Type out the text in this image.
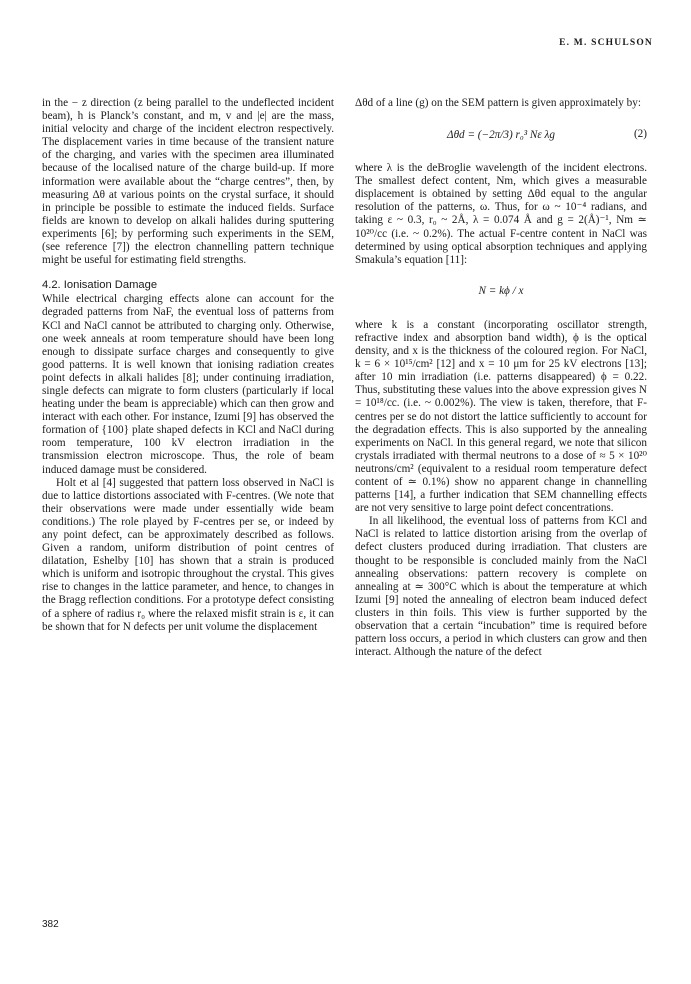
E. M. SCHULSON

in the − z direction (z being parallel to the undeflected incident beam), h is Planck’s constant, and m, v and |e| are the mass, initial velocity and charge of the incident electron respectively. The displacement varies in time because of the transient nature of the charging, and varies with the specimen area illuminated because of the localised nature of the charge build-up. If more information were available about the “charge centres”, then, by measuring Δθ at various points on the crystal surface, it should in principle be possible to estimate the induced fields. Surface fields are known to develop on alkali halides during sputtering experiments [6]; by performing such experiments in the SEM, (see reference [7]) the electron channelling pattern technique might be useful for estimating field strengths.

4.2. Ionisation Damage

While electrical charging effects alone can account for the degraded patterns from NaF, the eventual loss of patterns from KCl and NaCl cannot be attributed to charging only. Otherwise, one week anneals at room temperature should have been long enough to dissipate surface charges and consequently to give good patterns. It is well known that ionising radiation creates point defects in alkali halides [8]; under continuing irradiation, single defects can migrate to form clusters (particularly if local heating under the beam is appreciable) which can then grow and interact with each other. For instance, Izumi [9] has observed the formation of {100} plate shaped defects in KCl and NaCl during room temperature, 100 kV electron irradiation in the transmission electron microscope. Thus, the role of beam induced damage must be considered.

Holt et al [4] suggested that pattern loss observed in NaCl is due to lattice distortions associated with F-centres. (We note that their observations were made under essentially wide beam conditions.) The role played by F-centres per se, or indeed by any point defect, can be approximately described as follows. Given a random, uniform distribution of point centres of dilatation, Eshelby [10] has shown that a strain is produced which is uniform and isotropic throughout the crystal. This gives rise to changes in the lattice parameter, and hence, to changes in the Bragg reflection conditions. For a prototype defect consisting of a sphere of radius r₀ where the relaxed misfit strain is ε, it can be shown that for N defects per unit volume the displacement

Δθd of a line (g) on the SEM pattern is given approximately by:

Δθd = (−2π/3) r₀³ Nε λg	(2)

where λ is the deBroglie wavelength of the incident electrons. The smallest defect content, Nm, which gives a measurable displacement is obtained by setting Δθd equal to the angular resolution of the patterns, ω. Thus, for ω ~ 10⁻⁴ radians, and taking ε ~ 0.3, r₀ ~ 2Å, λ = 0.074 Å and g = 2(Å)⁻¹, Nm ≃ 10²⁰/cc (i.e. ~ 0.2%). The actual F-centre content in NaCl was determined by using optical absorption techniques and applying Smakula’s equation [11]:

N = kϕ / x

where k is a constant (incorporating oscillator strength, refractive index and absorption band width), ϕ is the optical density, and x is the thickness of the coloured region. For NaCl, k = 6 × 10¹⁵/cm² [12] and x = 10 μm for 25 kV electrons [13]; after 10 min irradiation (i.e. patterns disappeared) ϕ = 0.22. Thus, substituting these values into the above expression gives N = 10¹⁸/cc. (i.e. ~ 0.002%). The view is taken, therefore, that F-centres per se do not distort the lattice sufficiently to account for the degradation effects. This is also supported by the annealing experiments on NaCl. In this general regard, we note that silicon crystals irradiated with thermal neutrons to a dose of ≈ 5 × 10²⁰ neutrons/cm² (equivalent to a residual room temperature defect content of ≃ 0.1%) show no apparent change in channelling patterns [14], a further indication that SEM channelling effects are not very sensitive to large point defect concentrations.

In all likelihood, the eventual loss of patterns from KCl and NaCl is related to lattice distortion arising from the overlap of defect clusters produced during irradiation. That clusters are thought to be responsible is concluded mainly from the NaCl annealing observations: pattern recovery is complete on annealing at ≃ 300°C which is about the temperature at which Izumi [9] noted the annealing of electron beam induced defect clusters in thin foils. This view is further supported by the observation that a certain “incubation” time is required before pattern loss occurs, a period in which clusters can grow and then interact. Although the nature of the defect

382
